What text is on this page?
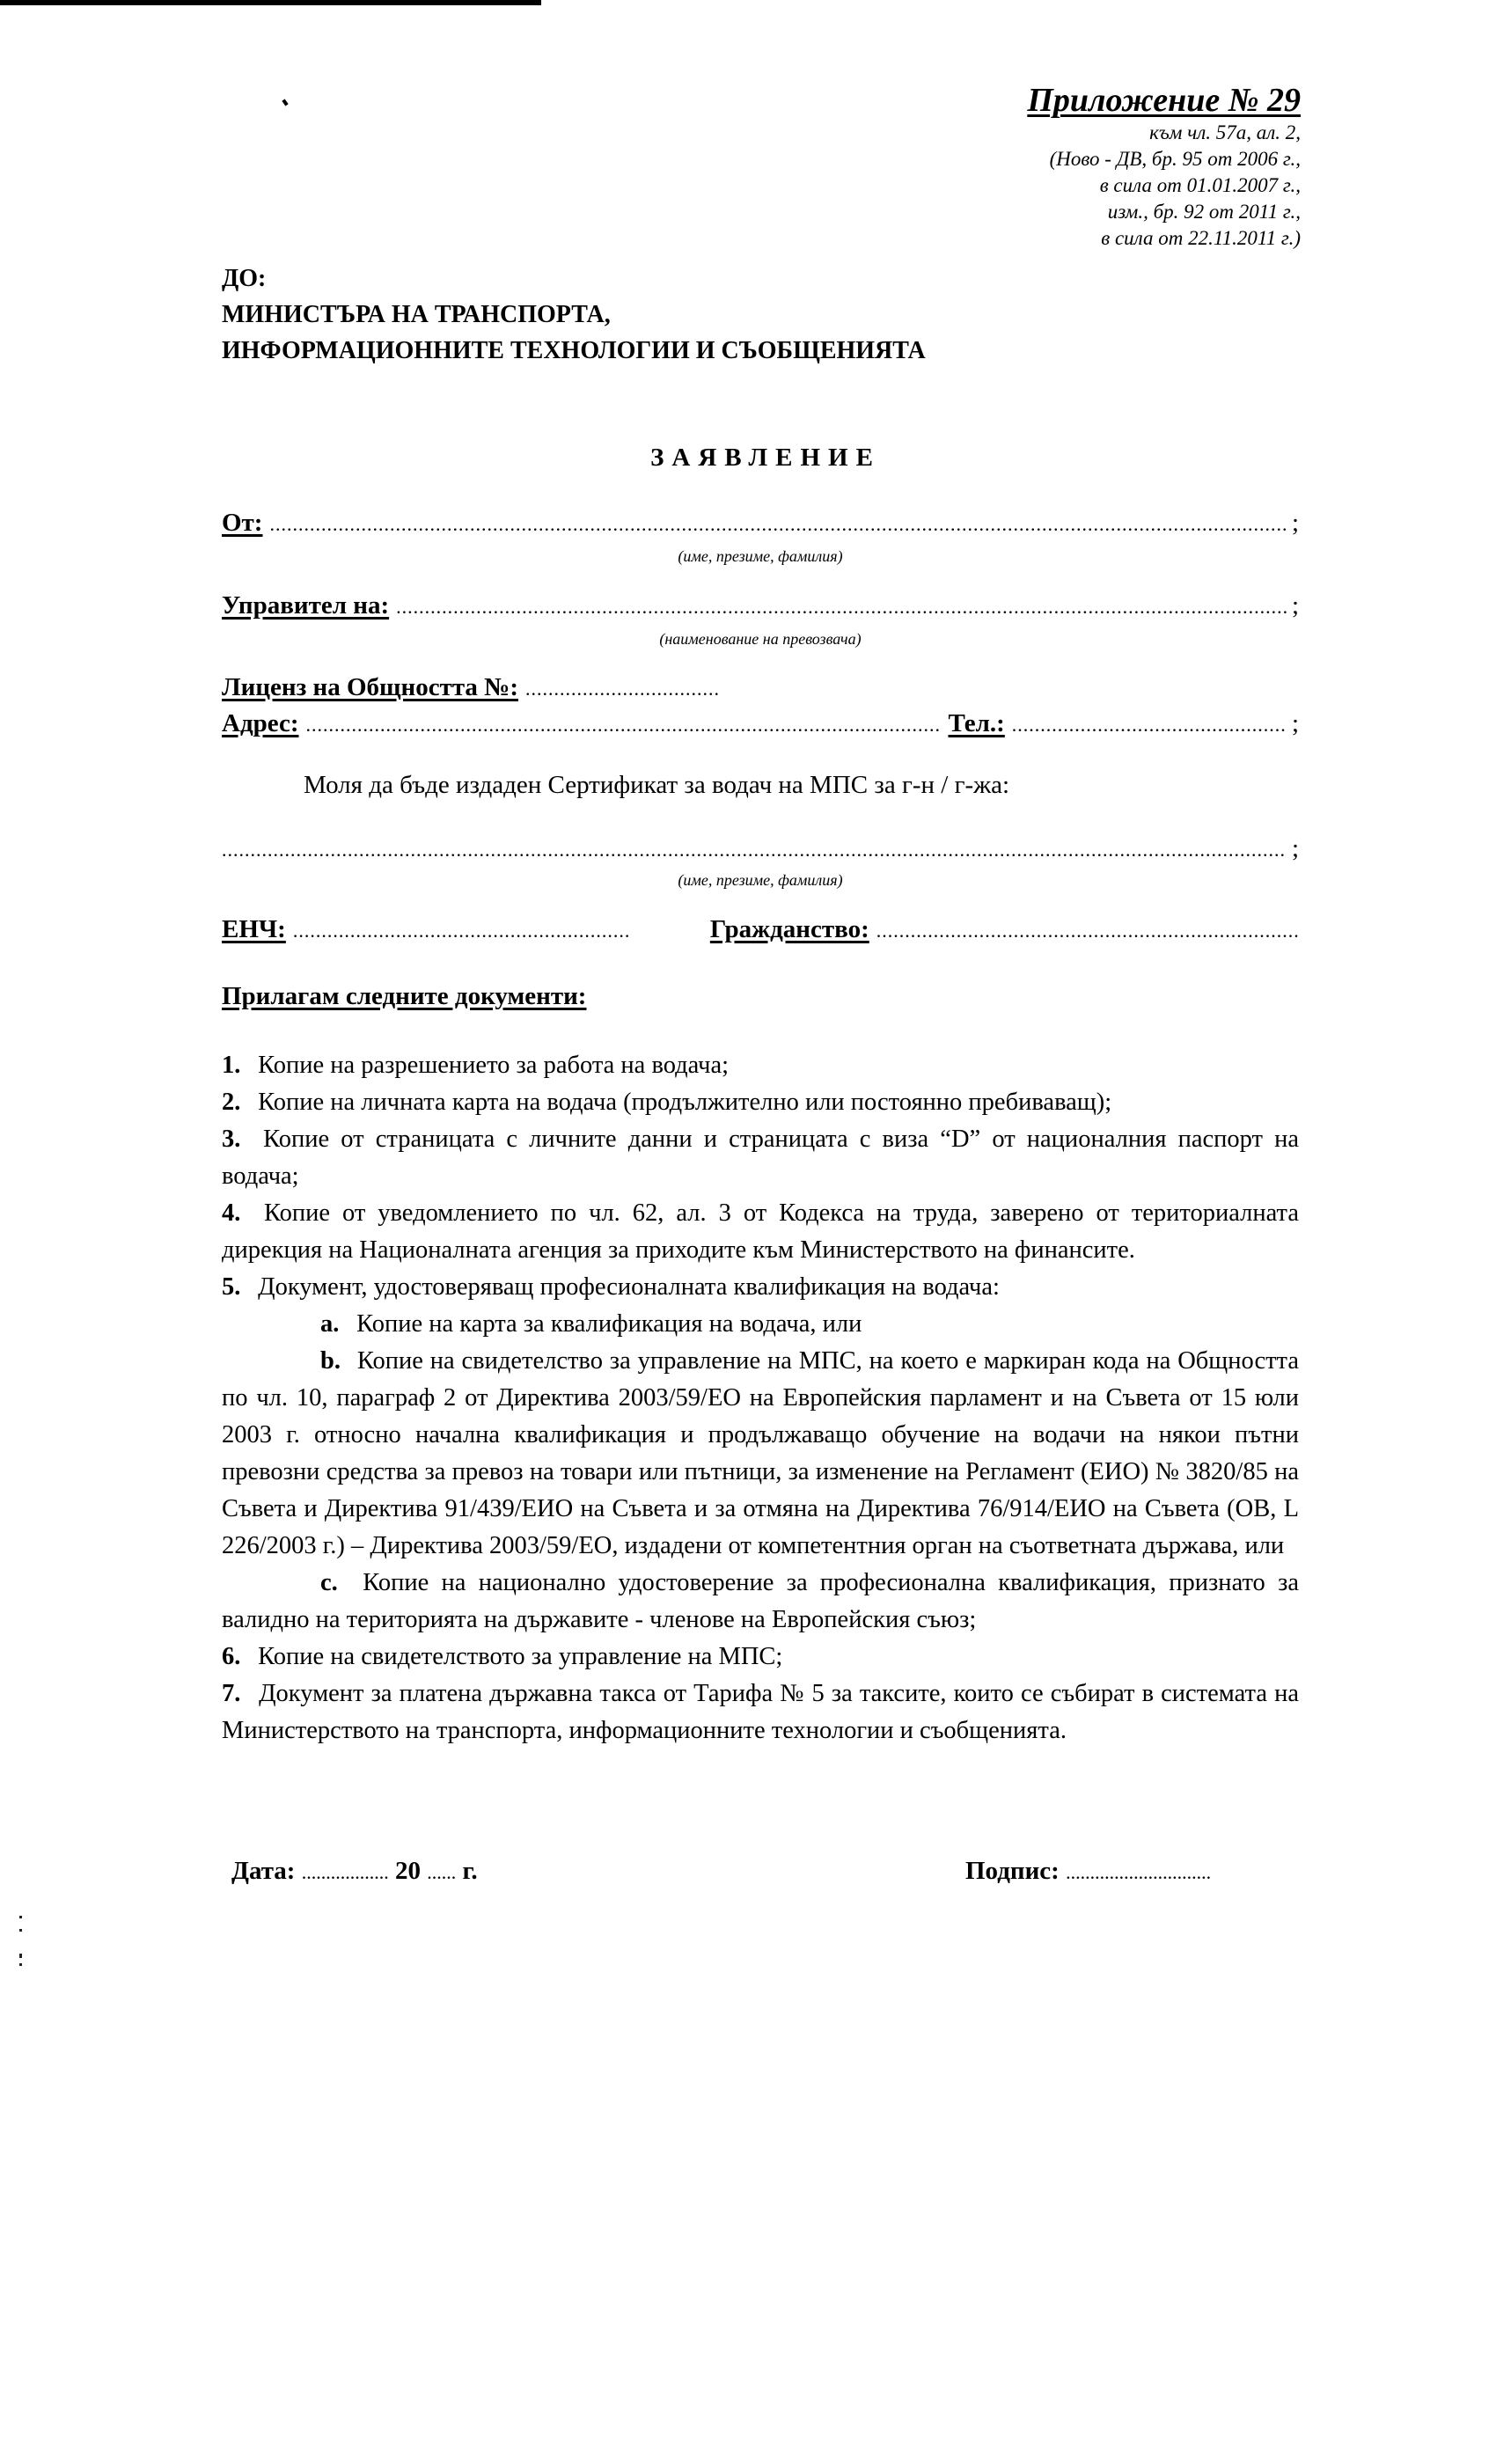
Приложение № 29
към чл. 57а, ал. 2,
(Ново - ДВ, бр. 95 от 2006 г.,
в сила от 01.01.2007 г.,
изм., бр. 92 от 2011 г.,
в сила от 22.11.2011 г.)
ДО:
МИНИСТЪРА НА ТРАНСПОРТА,
ИНФОРМАЦИОННИТЕ ТЕХНОЛОГИИ И СЪОБЩЕНИЯТА
ЗАЯВЛЕНИЕ
От: .....	;
(име, презиме, фамилия)
Управител на: .....	;
(наименование на превозвача)
Лиценз на Общността №:
.....
Адрес: .....	Тел.: .....	;
Моля да бъде издаден Сертификат за водач на МПС за г-н / г-жа:
.....
;
(име, презиме, фамилия)
ЕНЧ: .....	Гражданство:
.....
Прилагам следните документи:

1. Копие на разрешението за работа на водача;

2. Копие на личната карта на водача (продължително или постоянно пребиваващ);

3. Копие от страницата с личните данни и страницата с виза “D” от националния паспорт на водача;

4. Копие от уведомлението по чл. 62, ал. 3 от Кодекса на труда, заверено от териториалната дирекция на Националната агенция за приходите към Министерството на финансите.

5. Документ, удостоверяващ професионалната квалификация на водача:

a. Копие на карта за квалификация на водача, или

b. Копие на свидетелство за управление на МПС, на което е маркиран кода на Общността по чл. 10, параграф 2 от Директива 2003/59/ЕО на Европейския парламент и на Съвета от 15 юли 2003 г. относно начална квалификация и продължаващо обучение на водачи на някои пътни превозни средства за превоз на товари или пътници, за изменение на Регламент (ЕИО) № 3820/85 на Съвета и Директива 91/439/ЕИО на Съвета и за отмяна на Директива 76/914/ЕИО на Съвета (ОВ, L 226/2003 г.) – Директива 2003/59/ЕО, издадени от компетентния орган на съответната държава, или

c. Копие на национално удостоверение за професионална квалификация, признато за валидно на територията на държавите - членове на Европейския съюз;

6. Копие на свидетелството за управление на МПС;

7. Документ за платена държавна такса от Тарифа № 5 за таксите, които се събират в системата на Министерството на транспорта, информационните технологии и съобщенията.

Дата: .................. 20 ...... г.	Подпис: ..............................
